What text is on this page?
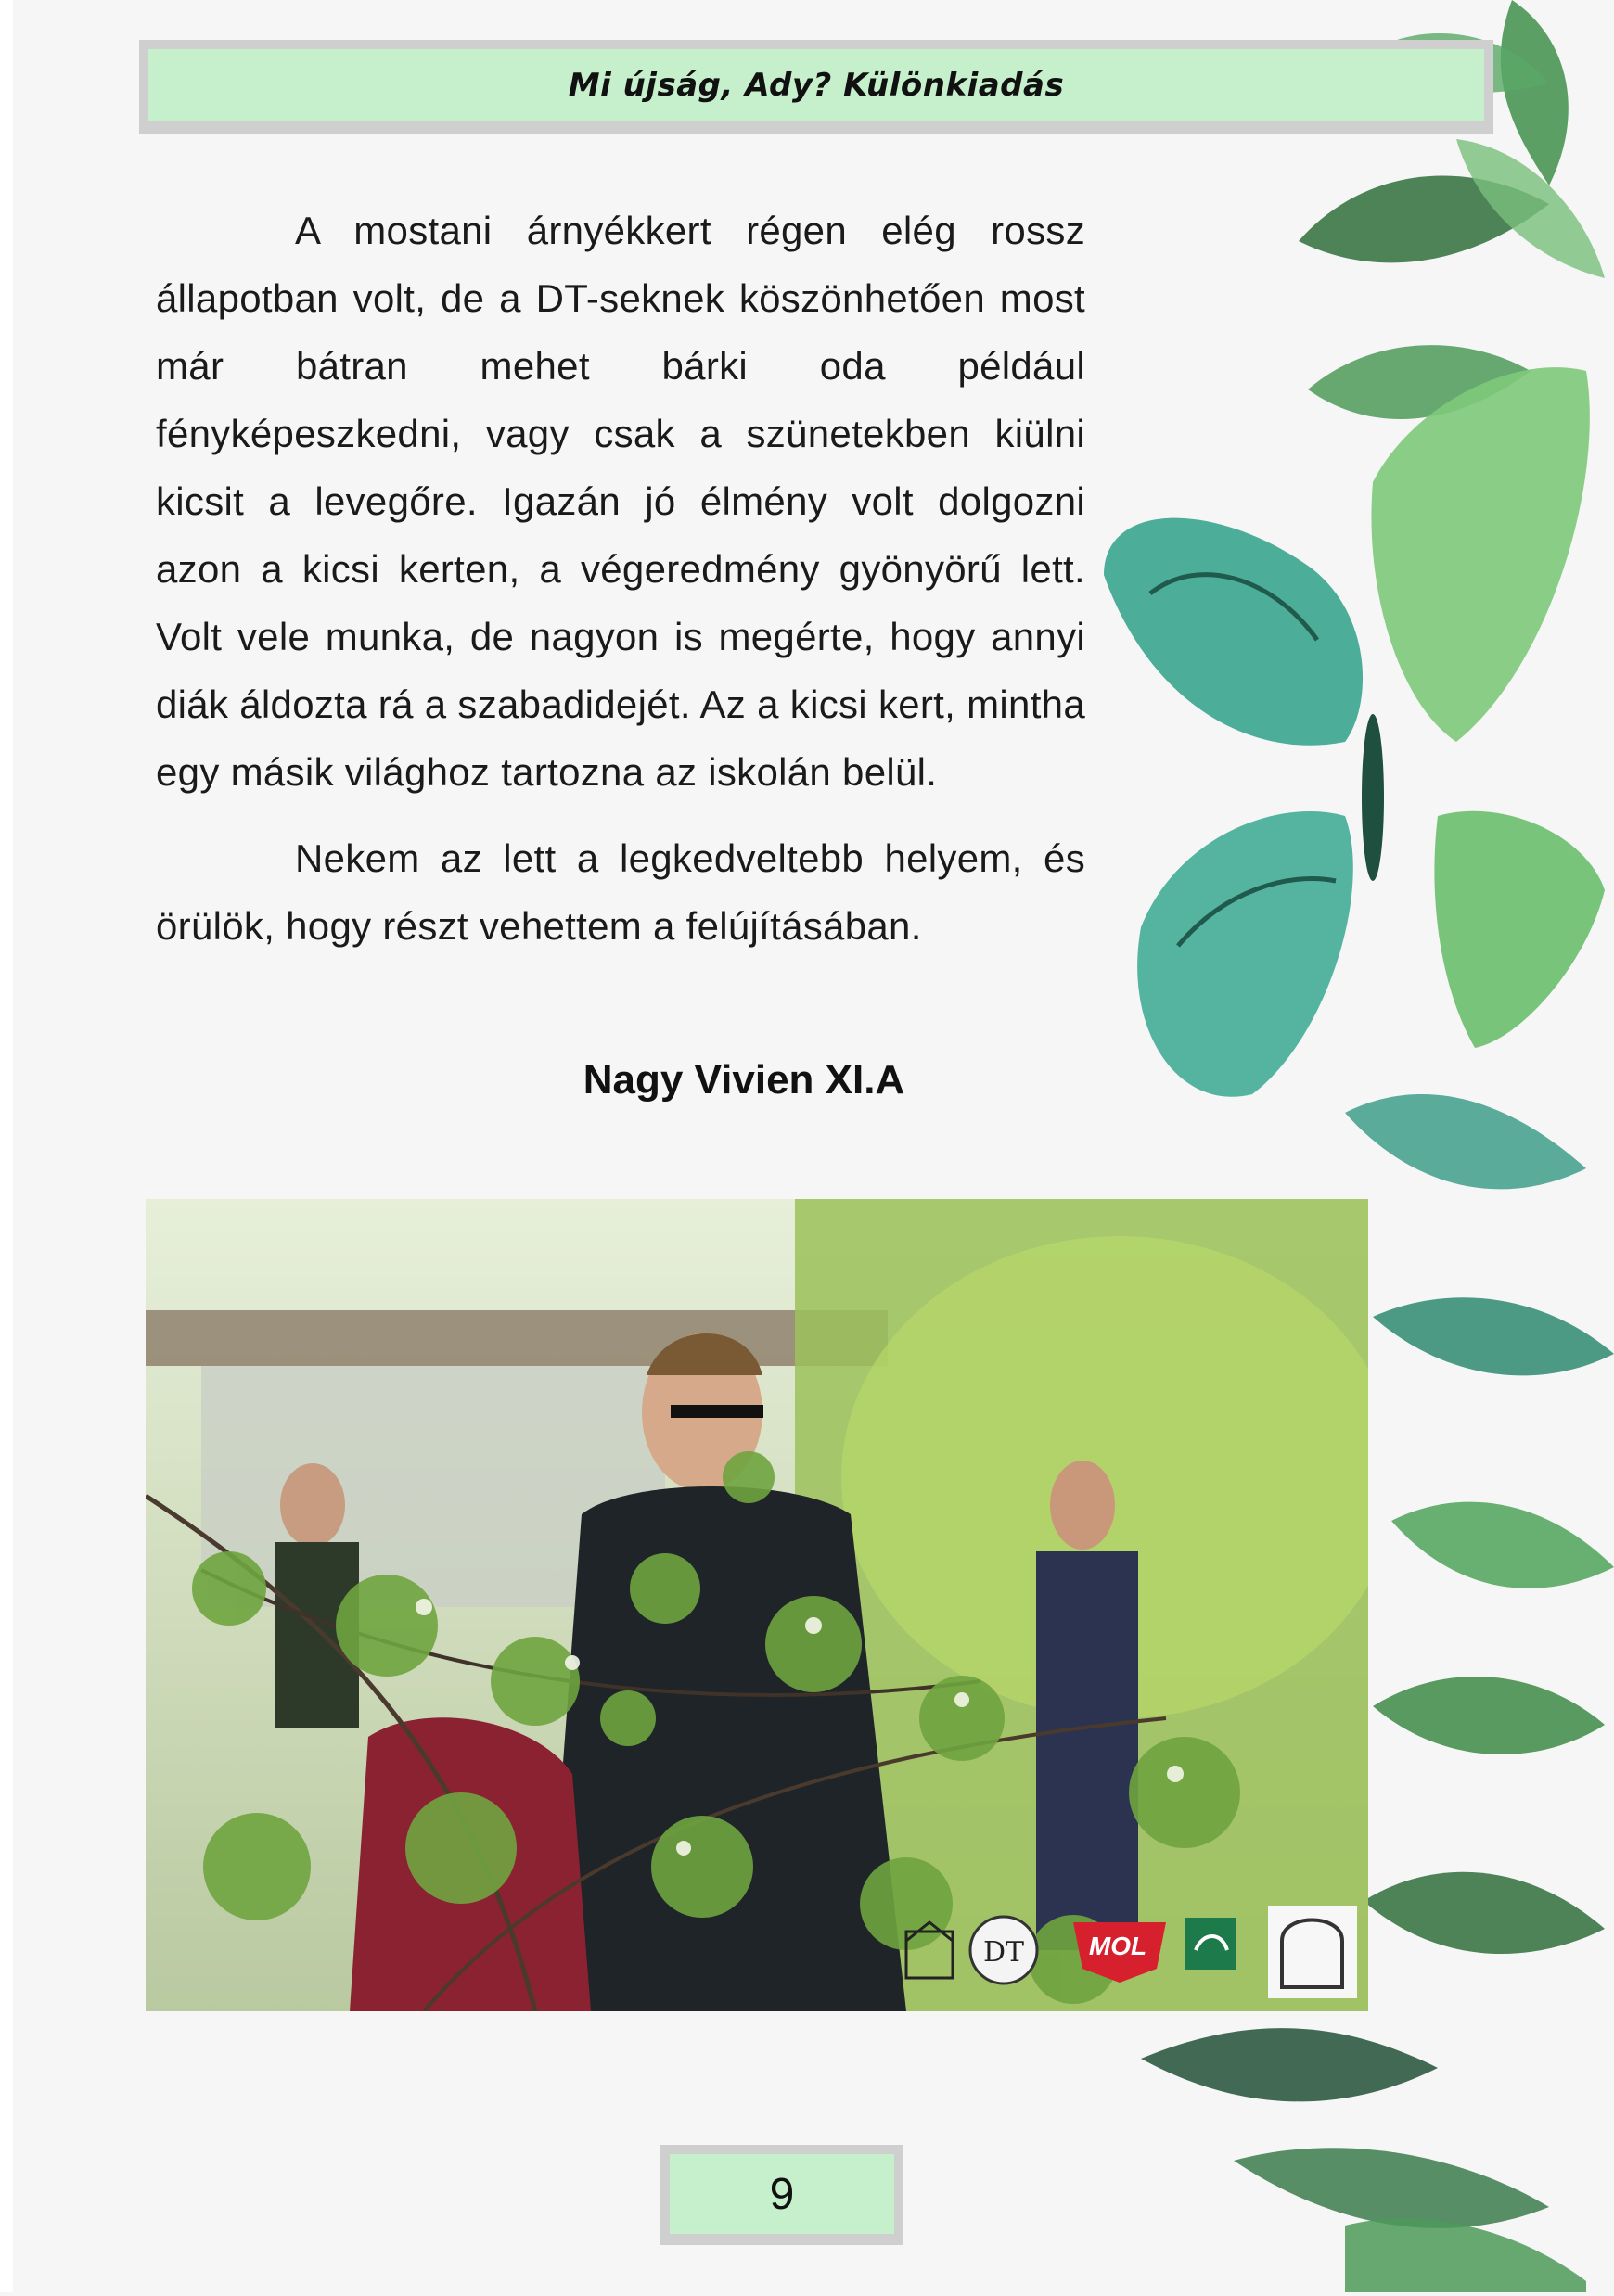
Mi újság, Ady? Különkiadás

A mostani árnyékkert régen elég rossz állapotban volt, de a DT-seknek köszönhetően most már bátran mehet bárki oda például fényképeszkedni, vagy csak a szünetekben kiülni kicsit a levegőre. Igazán jó élmény volt dolgozni azon a kicsi kerten, a végeredmény gyönyörű lett. Volt vele munka, de nagyon is megérte, hogy annyi diák áldozta rá a szabadidejét. Az a kicsi kert, mintha egy másik világhoz tartozna az iskolán belül.

Nekem az lett a legkedveltebb helyem, és örülök, hogy részt vehettem a felújításában.

Nagy Vivien XI.A
DT MOL
9
